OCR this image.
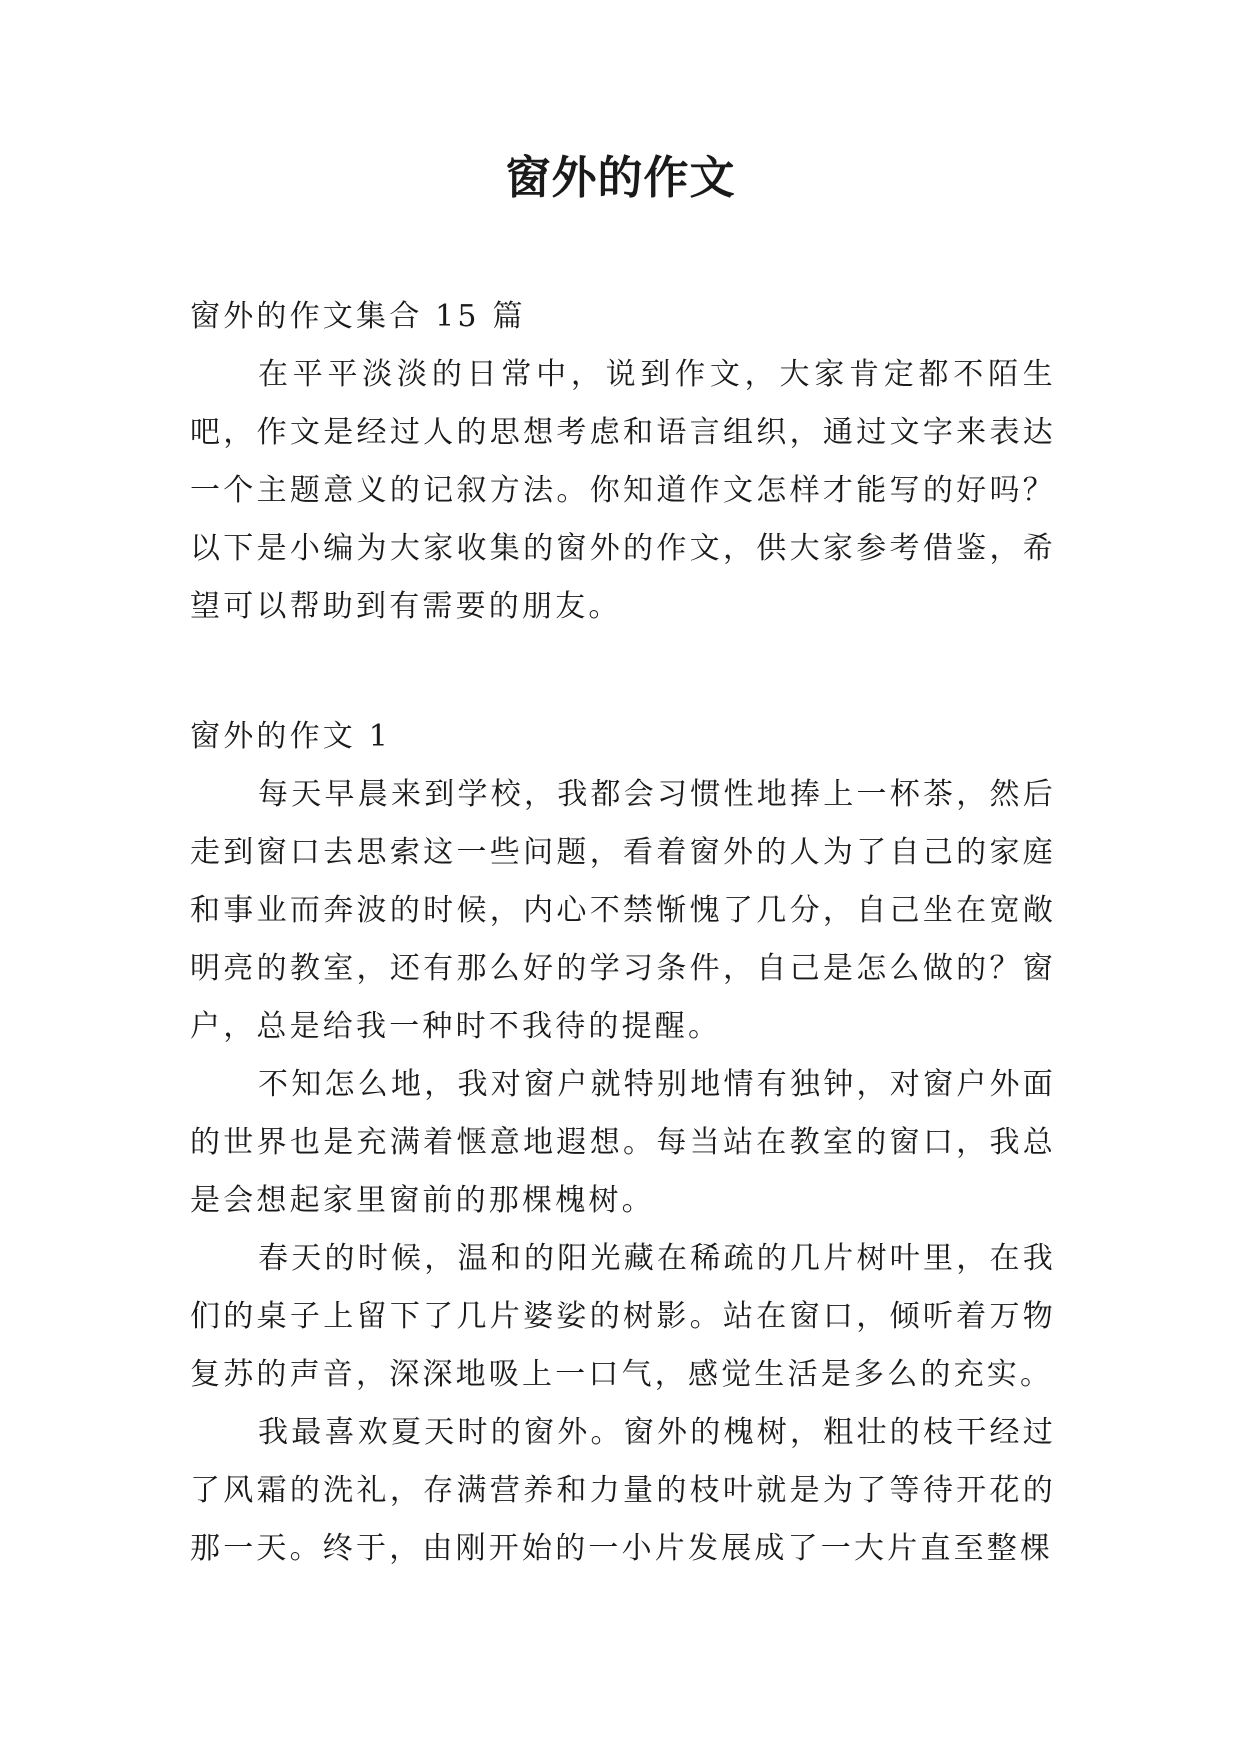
窗外的作文

窗外的作文集合 15 篇

在平平淡淡的日常中，说到作文，大家肯定都不陌生吧，作文是经过人的思想考虑和语言组织，通过文字来表达一个主题意义的记叙方法。你知道作文怎样才能写的好吗？以下是小编为大家收集的窗外的作文，供大家参考借鉴，希望可以帮助到有需要的朋友。

窗外的作文 1

每天早晨来到学校，我都会习惯性地捧上一杯茶，然后走到窗口去思索这一些问题，看着窗外的人为了自己的家庭和事业而奔波的时候，内心不禁惭愧了几分，自己坐在宽敞明亮的教室，还有那么好的学习条件，自己是怎么做的？窗户，总是给我一种时不我待的提醒。

不知怎么地，我对窗户就特别地情有独钟，对窗户外面的世界也是充满着惬意地遐想。每当站在教室的窗口，我总是会想起家里窗前的那棵槐树。

春天的时候，温和的阳光藏在稀疏的几片树叶里，在我们的桌子上留下了几片婆娑的树影。站在窗口，倾听着万物复苏的声音，深深地吸上一口气，感觉生活是多么的充实。

我最喜欢夏天时的窗外。窗外的槐树，粗壮的枝干经过了风霜的洗礼，存满营养和力量的枝叶就是为了等待开花的那一天。终于，由刚开始的一小片发展成了一大片直至整棵
